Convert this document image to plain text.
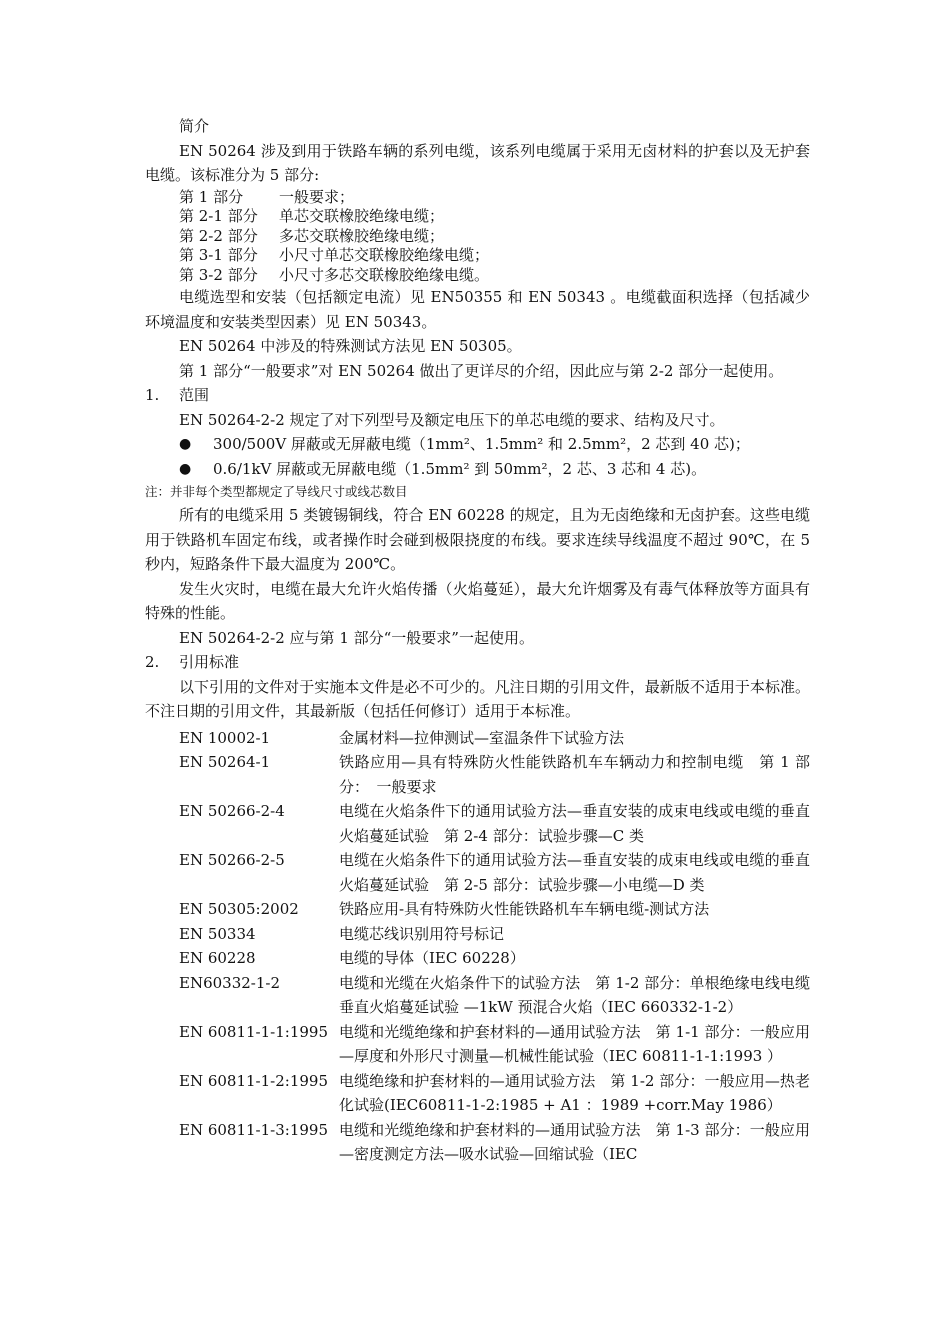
简介

EN 50264 涉及到用于铁路车辆的系列电缆，该系列电缆属于采用无卤材料的护套以及无护套电缆。该标准分为 5 部分:

第 1 部分	一般要求；
第 2-1 部分	单芯交联橡胶绝缘电缆；
第 2-2 部分	多芯交联橡胶绝缘电缆；
第 3-1 部分	小尺寸单芯交联橡胶绝缘电缆；
第 3-2 部分	小尺寸多芯交联橡胶绝缘电缆。

电缆选型和安装（包括额定电流）见 EN50355 和 EN 50343 。电缆截面积选择（包括减少环境温度和安装类型因素）见 EN 50343。

EN 50264 中涉及的特殊测试方法见 EN 50305。

第 1 部分“一般要求”对 EN 50264 做出了更详尽的介绍，因此应与第 2-2 部分一起使用。

1.	范围

EN 50264-2-2 规定了对下列型号及额定电压下的单芯电缆的要求、结构及尺寸。

●	300/500V 屏蔽或无屏蔽电缆（1mm²、1.5mm² 和 2.5mm²，2 芯到 40 芯)；
●	0.6/1kV 屏蔽或无屏蔽电缆（1.5mm² 到 50mm²，2 芯、3 芯和 4 芯)。

注：并非每个类型都规定了导线尺寸或线芯数目

所有的电缆采用 5 类镀锡铜线，符合 EN 60228 的规定，且为无卤绝缘和无卤护套。这些电缆用于铁路机车固定布线，或者操作时会碰到极限挠度的布线。要求连续导线温度不超过 90℃，在 5 秒内，短路条件下最大温度为 200℃。

发生火灾时，电缆在最大允许火焰传播（火焰蔓延），最大允许烟雾及有毒气体释放等方面具有特殊的性能。

EN 50264-2-2 应与第 1 部分“一般要求”一起使用。

2.	引用标准

以下引用的文件对于实施本文件是必不可少的。凡注日期的引用文件，最新版不适用于本标准。不注日期的引用文件，其最新版（包括任何修订）适用于本标准。

EN 10002-1	金属材料—拉伸测试—室温条件下试验方法
EN 50264-1	铁路应用—具有特殊防火性能铁路机车车辆动力和控制电缆　第 1 部分：　一般要求
EN 50266-2-4	电缆在火焰条件下的通用试验方法—垂直安装的成束电线或电缆的垂直火焰蔓延试验　第 2-4 部分：试验步骤—C 类
EN 50266-2-5	电缆在火焰条件下的通用试验方法—垂直安装的成束电线或电缆的垂直火焰蔓延试验　第 2-5 部分：试验步骤—小电缆—D 类
EN 50305:2002	铁路应用-具有特殊防火性能铁路机车车辆电缆-测试方法
EN 50334	电缆芯线识别用符号标记
EN 60228	电缆的导体（IEC 60228）
EN60332-1-2	电缆和光缆在火焰条件下的试验方法　第 1-2 部分：单根绝缘电线电缆垂直火焰蔓延试验 —1kW 预混合火焰（IEC 660332-1-2）
EN 60811-1-1:1995 电缆和光缆绝缘和护套材料的—通用试验方法　第 1-1 部分：一般应用—厚度和外形尺寸测量—机械性能试验（IEC 60811-1-1:1993 ）
EN 60811-1-2:1995 电缆绝缘和护套材料的—通用试验方法　第 1-2 部分：一般应用—热老化试验(IEC60811-1-2:1985 + A1 ：1989 +corr.May 1986）
EN 60811-1-3:1995 电缆和光缆绝缘和护套材料的—通用试验方法　第 1-3 部分：一般应用—密度测定方法—吸水试验—回缩试验（IEC
